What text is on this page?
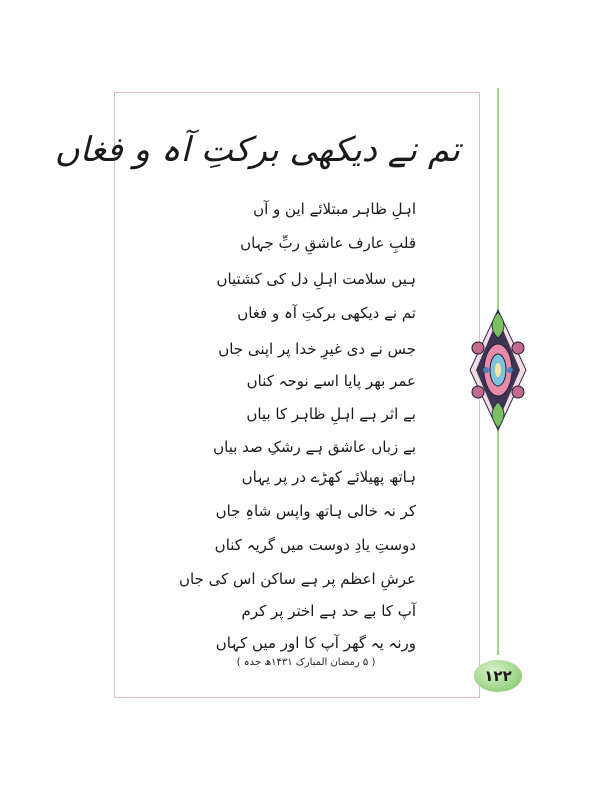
تم نے دیکھی برکتِ آہ و فغاں
اہلِ ظاہر مبتلائے این و آں
قلبِ عارف عاشقِ ربِّ جہاں
ہیں سلامت اہلِ دل کی کشتیاں
تم نے دیکھی برکتِ آہ و فغاں
جس نے دی غیرِ خدا پر اپنی جاں
عمر بھر پایا اسے نوحہ کناں
بے اثر ہے اہلِ ظاہر کا بیاں
بے زباں عاشق ہے رشکِ صد بیاں
ہاتھ پھیلائے کھڑے در پر یہاں
کر نہ خالی ہاتھ واپس شاہِ جاں
دوستِ یادِ دوست میں گریہ کناں
عرشِ اعظم پر ہے ساکن اس کی جاں
آپ کا بے حد ہے اختر پر کرم
ورنہ یہ گھر آپ کا اور میں کہاں
( ۵ رمضان المبارک ۱۴۳۱ھ جدہ )
۱۲۲
